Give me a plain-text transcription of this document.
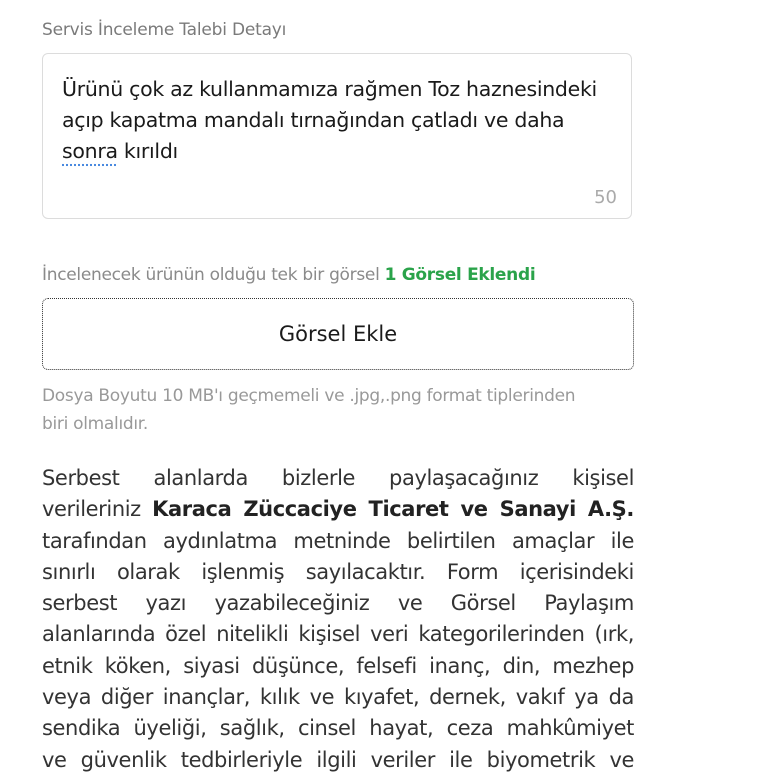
Servis İnceleme Talebi Detayı
Ürünü çok az kullanmamıza rağmen Toz haznesindeki açıp kapatma mandalı tırnağından çatladı ve daha sonra kırıldı
50
İncelenecek ürünün olduğu tek bir görsel 1 Görsel Eklendi
Görsel Ekle
Dosya Boyutu 10 MB'ı geçmemeli ve .jpg,.png format tiplerinden biri olmalıdır.
Serbest alanlarda bizlerle paylaşacağınız kişisel
verileriniz Karaca Züccaciye Ticaret ve Sanayi A.Ş.
tarafından aydınlatma metninde belirtilen amaçlar ile
sınırlı olarak işlenmiş sayılacaktır. Form içerisindeki
serbest yazı yazabileceğiniz ve Görsel Paylaşım
alanlarında özel nitelikli kişisel veri kategorilerinden (ırk,
etnik köken, siyasi düşünce, felsefi inanç, din, mezhep
veya diğer inançlar, kılık ve kıyafet, dernek, vakıf ya da
sendika üyeliği, sağlık, cinsel hayat, ceza mahkûmiyet
ve güvenlik tedbirleriyle ilgili veriler ile biyometrik ve
